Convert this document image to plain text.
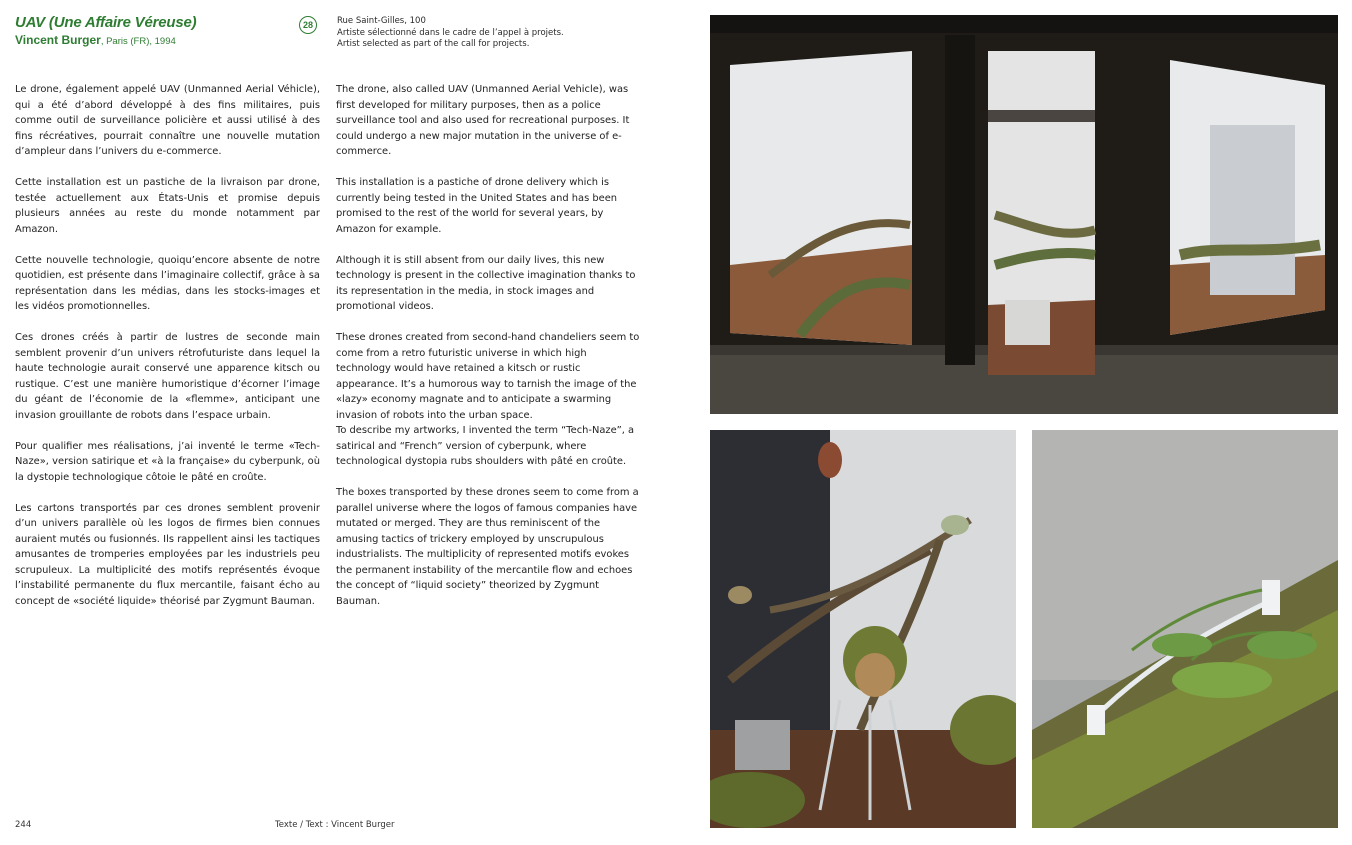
UAV (Une Affaire Véreuse)
Vincent Burger, Paris (FR), 1994
28	Rue Saint-Gilles, 100
Artiste sélectionné dans le cadre de l’appel à projets.
Artist selected as part of the call for projects.

Le drone, également appelé UAV (Unmanned Aerial Véhicle), qui a été d’abord développé à des fins militaires, puis comme outil de surveillance policière et aussi utilisé à des fins récréatives, pourrait connaître une nouvelle mutation d’ampleur dans l’univers du e-commerce.

Cette installation est un pastiche de la livraison par drone, testée actuellement aux États-Unis et promise depuis plusieurs années au reste du monde notamment par Amazon.

Cette nouvelle technologie, quoiqu’encore absente de notre quotidien, est présente dans l’imaginaire collectif, grâce à sa représentation dans les médias, dans les stocks-images et les vidéos promotionnelles.

Ces drones créés à partir de lustres de seconde main semblent provenir d’un univers rétrofuturiste dans lequel la haute technologie aurait conservé une apparence kitsch ou rustique. C’est une manière humoristique d’écorner l’image du géant de l’économie de la «flemme», anticipant une invasion grouillante de robots dans l’espace urbain.

Pour qualifier mes réalisations, j’ai inventé le terme «Tech-Naze», version satirique et «à la française» du cyberpunk, où la dystopie technologique côtoie le pâté en croûte.

Les cartons transportés par ces drones semblent provenir d’un univers parallèle où les logos de firmes bien connues auraient mutés ou fusionnés. Ils rappellent ainsi les tactiques amusantes de tromperies employées par les industriels peu scrupuleux. La multiplicité des motifs représentés évoque l’instabilité permanente du flux mercantile, faisant écho au concept de «société liquide» théorisé par Zygmunt Bauman.

The drone, also called UAV (Unmanned Aerial Vehicle), was first developed for military purposes, then as a police surveillance tool and also used for recreational purposes. It could undergo a new major mutation in the universe of e-commerce.

This installation is a pastiche of drone delivery which is currently being tested in the United States and has been promised to the rest of the world for several years, by Amazon for example.

Although it is still absent from our daily lives, this new technology is present in the collective imagination thanks to its representation in the media, in stock images and promotional videos.

These drones created from second-hand chandeliers seem to come from a retro futuristic universe in which high technology would have retained a kitsch or rustic appearance. It’s a humorous way to tarnish the image of the «lazy» economy magnate and to anticipate a swarming invasion of robots into the urban space.

To describe my artworks, I invented the term “Tech-Naze”, a satirical and “French” version of cyberpunk, where technological dystopia rubs shoulders with pâté en croûte.

The boxes transported by these drones seem to come from a parallel universe where the logos of famous companies have mutated or merged. They are thus reminiscent of the amusing tactics of trickery employed by unscrupulous industrialists. The multiplicity of represented motifs evokes the permanent instability of the mercantile flow and echoes the concept of “liquid society” theorized by Zygmunt Bauman.

244	Texte / Text : Vincent Burger
